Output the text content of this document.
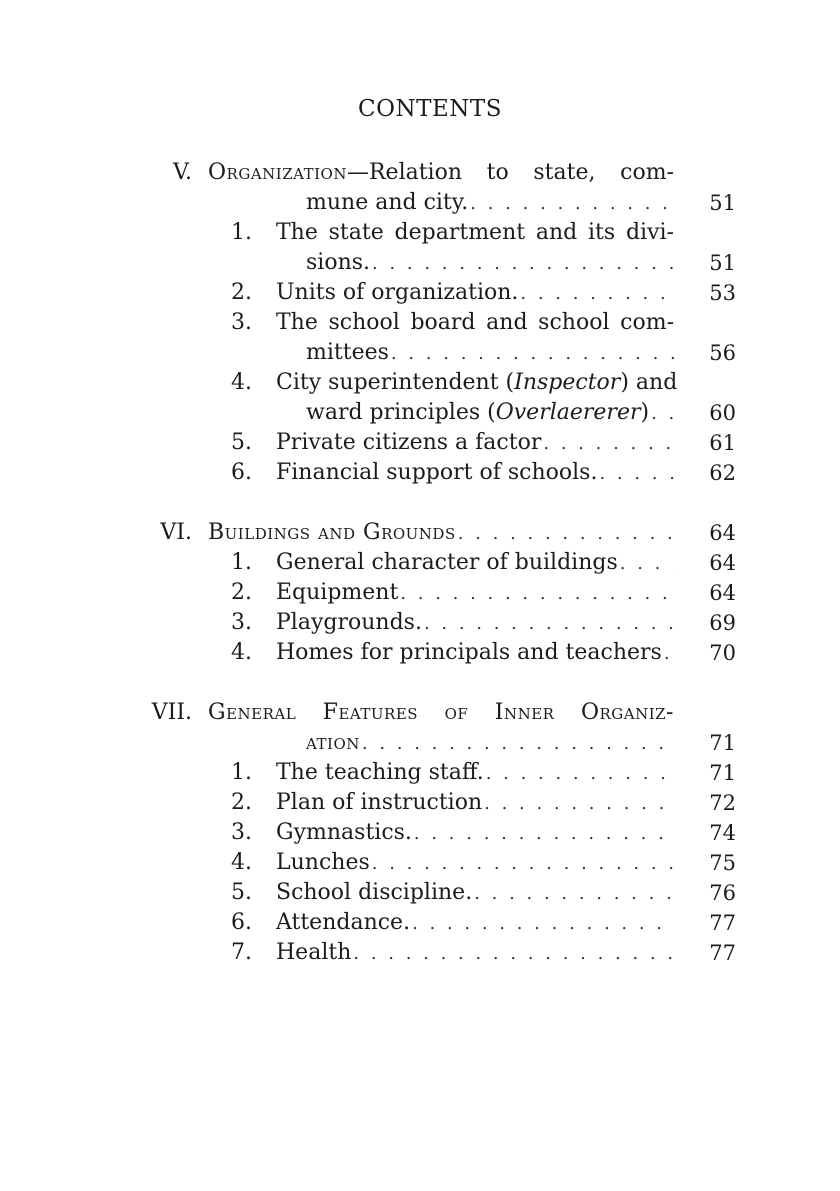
CONTENTS
V. Organization—Relation to state, com-
mune and city. . . .	51
1. The state department and its divi-
sions. . . .	51
2. Units of organization. . . .	53
3. The school board and school com-
mittees . . .	56
4. City superintendent (Inspector) and
ward principles (Overlaererer) . . .	60
5. Private citizens a factor . . .	61
6. Financial support of schools. . . .	62
VI. Buildings and Grounds . . .	64
1. General character of buildings . . .	64
2. Equipment . . .	64
3. Playgrounds. . . .	69
4. Homes for principals and teachers . . .	70
VII. General Features of Inner Organiz-
ation . . .	71
1. The teaching staff. . . .	71
2. Plan of instruction . . .	72
3. Gymnastics. . . .	74
4. Lunches . . .	75
5. School discipline. . . .	76
6. Attendance. . . .	77
7. Health . . .	77
